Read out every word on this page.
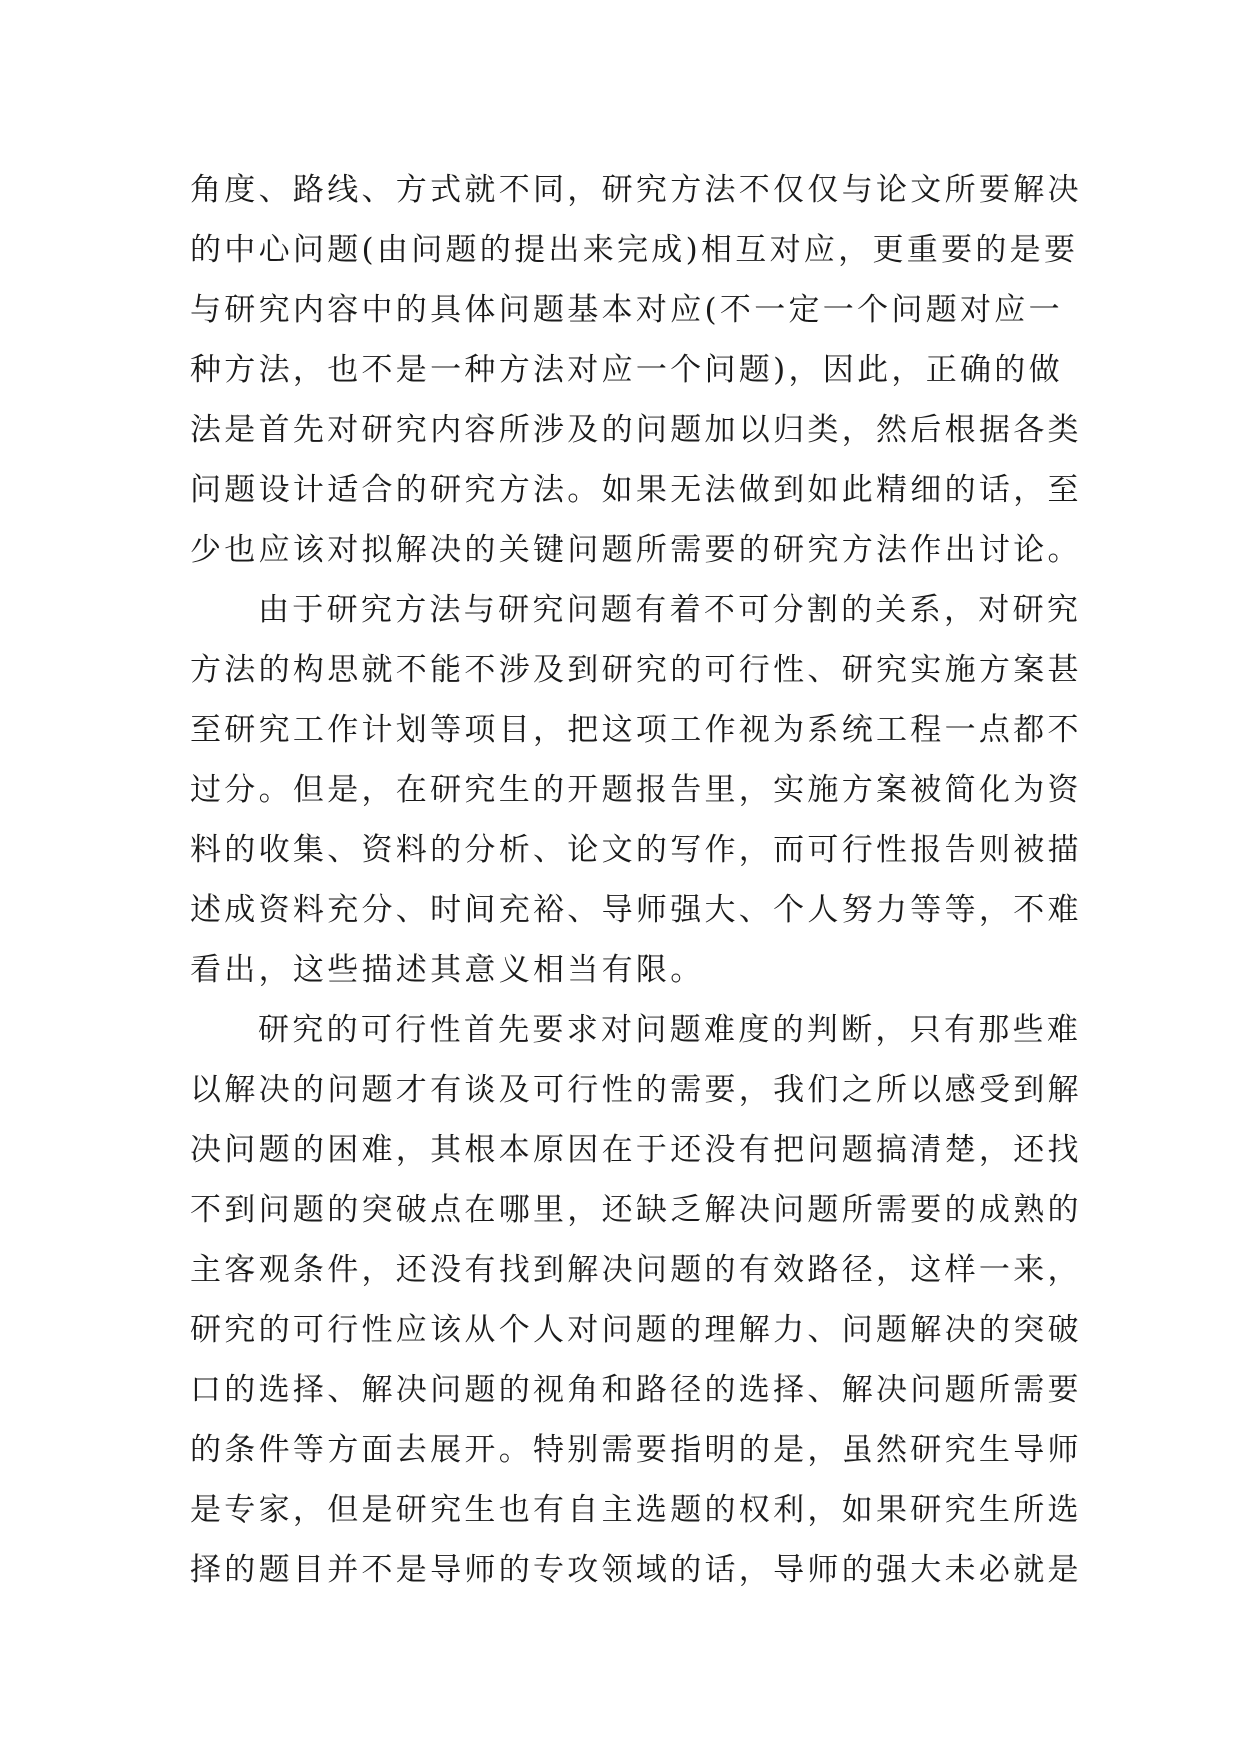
角度、路线、方式就不同，研究方法不仅仅与论文所要解决
的中心问题(由问题的提出来完成)相互对应，更重要的是要
与研究内容中的具体问题基本对应(不一定一个问题对应一
种方法，也不是一种方法对应一个问题)，因此，正确的做
法是首先对研究内容所涉及的问题加以归类，然后根据各类
问题设计适合的研究方法。如果无法做到如此精细的话，至
少也应该对拟解决的关键问题所需要的研究方法作出讨论。

由于研究方法与研究问题有着不可分割的关系，对研究
方法的构思就不能不涉及到研究的可行性、研究实施方案甚
至研究工作计划等项目，把这项工作视为系统工程一点都不
过分。但是，在研究生的开题报告里，实施方案被简化为资
料的收集、资料的分析、论文的写作，而可行性报告则被描
述成资料充分、时间充裕、导师强大、个人努力等等，不难
看出，这些描述其意义相当有限。

研究的可行性首先要求对问题难度的判断，只有那些难
以解决的问题才有谈及可行性的需要，我们之所以感受到解
决问题的困难，其根本原因在于还没有把问题搞清楚，还找
不到问题的突破点在哪里，还缺乏解决问题所需要的成熟的
主客观条件，还没有找到解决问题的有效路径，这样一来，
研究的可行性应该从个人对问题的理解力、问题解决的突破
口的选择、解决问题的视角和路径的选择、解决问题所需要
的条件等方面去展开。特别需要指明的是，虽然研究生导师
是专家，但是研究生也有自主选题的权利，如果研究生所选
择的题目并不是导师的专攻领域的话，导师的强大未必就是
